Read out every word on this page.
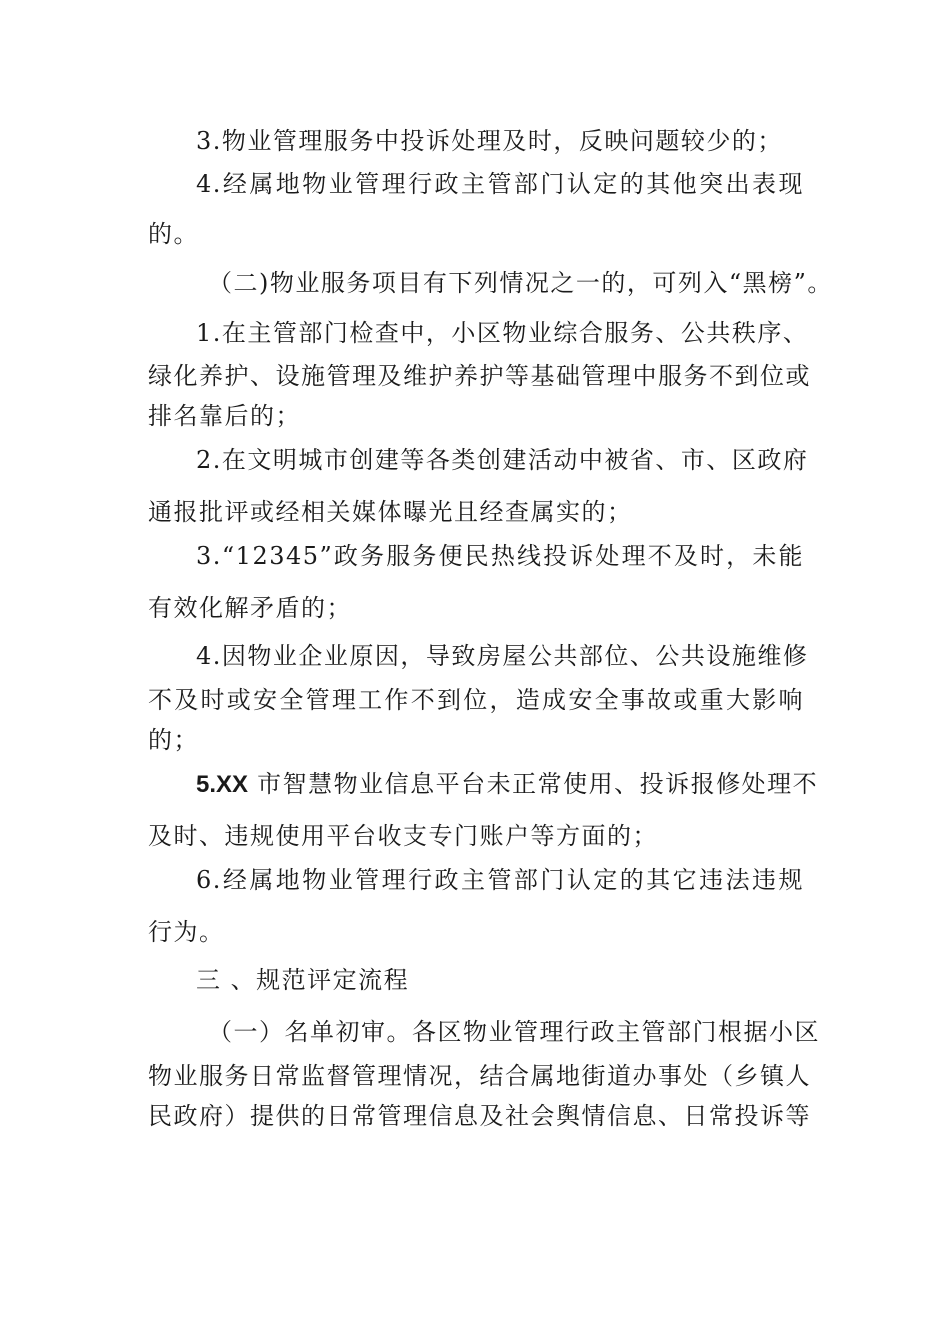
3.物业管理服务中投诉处理及时，反映问题较少的；
4.经属地物业管理行政主管部门认定的其他突出表现
的。
（二)物业服务项目有下列情况之一的，可列入“黑榜”。
1.在主管部门检查中，小区物业综合服务、公共秩序、
绿化养护、设施管理及维护养护等基础管理中服务不到位或
排名靠后的；
2.在文明城市创建等各类创建活动中被省、市、区政府
通报批评或经相关媒体曝光且经查属实的；
3.“12345”政务服务便民热线投诉处理不及时，未能
有效化解矛盾的；
4.因物业企业原因，导致房屋公共部位、公共设施维修
不及时或安全管理工作不到位，造成安全事故或重大影响
的；
5.XX 市智慧物业信息平台未正常使用、投诉报修处理不
及时、违规使用平台收支专门账户等方面的；
6.经属地物业管理行政主管部门认定的其它违法违规
行为。
三 、规范评定流程
（一）名单初审。各区物业管理行政主管部门根据小区
物业服务日常监督管理情况，结合属地街道办事处（乡镇人
民政府）提供的日常管理信息及社会舆情信息、日常投诉等
